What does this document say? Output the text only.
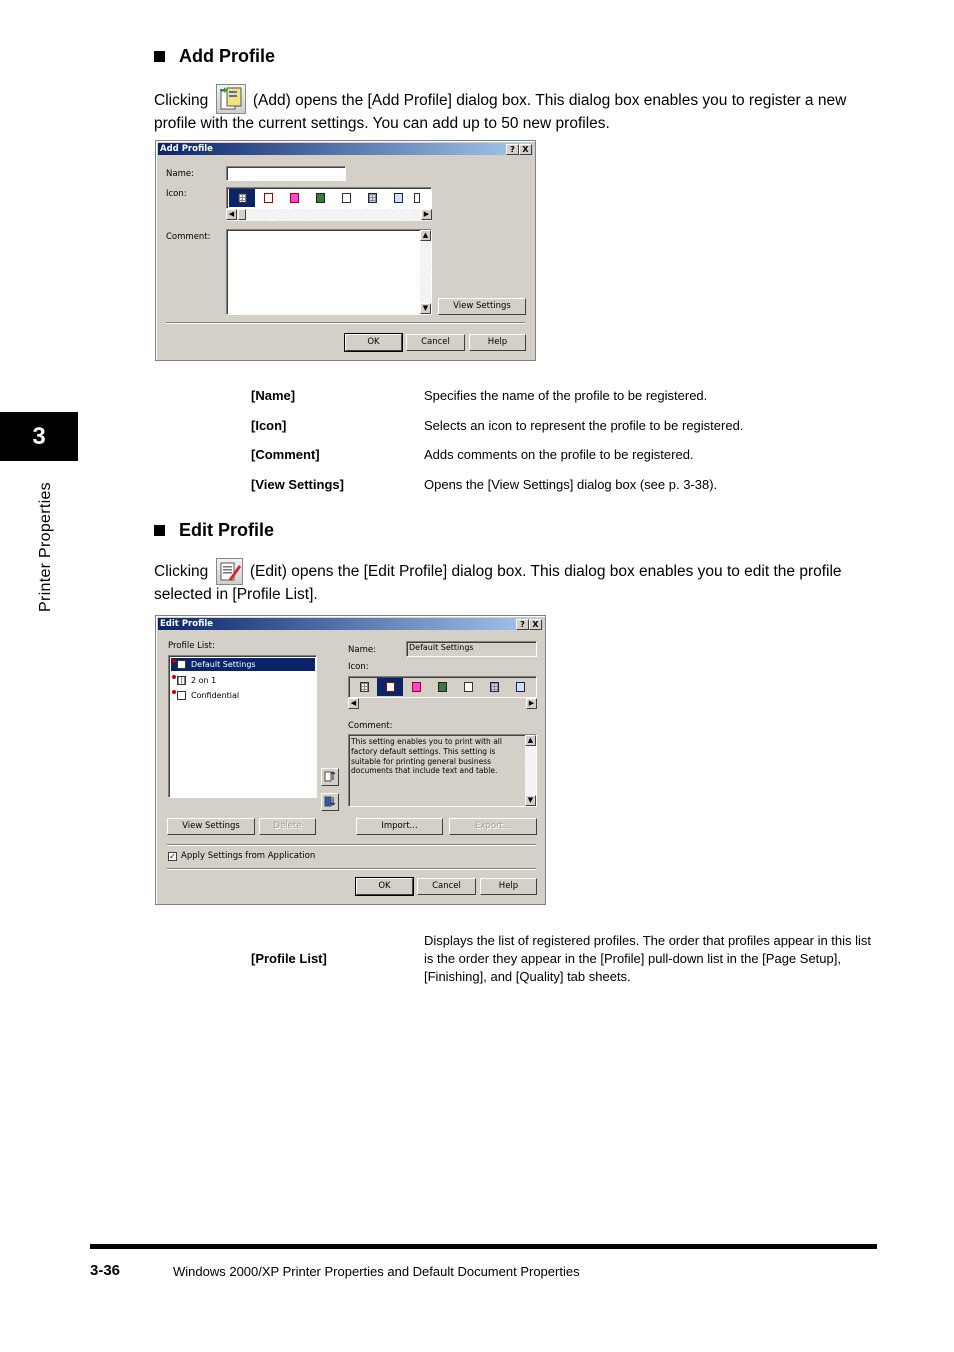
3
Printer Properties
Add Profile
Clicking	(Add) opens the [Add Profile] dialog box. This dialog box enables you to register a new
profile with the current settings. You can add up to 50 new profiles.
Add Profile	? X
Name:
Icon:
◀	▶
Comment:	▲
▼	View Settings
OK	Cancel	Help
[Name]	Specifies the name of the profile to be registered.
[Icon]	Selects an icon to represent the profile to be registered.
[Comment]	Adds comments on the profile to be registered.
[View Settings]	Opens the [View Settings] dialog box (see p. 3-38).
Edit Profile
Clicking	(Edit) opens the [Edit Profile] dialog box. This dialog box enables you to edit the profile
selected in [Profile List].
Edit Profile	? X
Profile List:
Default Settings
2 on 1
Confidential
Name:	Default Settings
Icon:
◀	▶
Comment:
This setting enables you to print with all factory default settings. This setting is suitable for printing general business documents that include text and table.
▲
▼
View Settings	Delete	Import...	Export...
✓ Apply Settings from Application
OK	Cancel	Help
[Profile List]
Displays the list of registered profiles. The order that profiles appear in this list is the order they appear in the [Profile] pull-down list in the [Page Setup], [Finishing], and [Quality] tab sheets.
3-36	Windows 2000/XP Printer Properties and Default Document Properties
